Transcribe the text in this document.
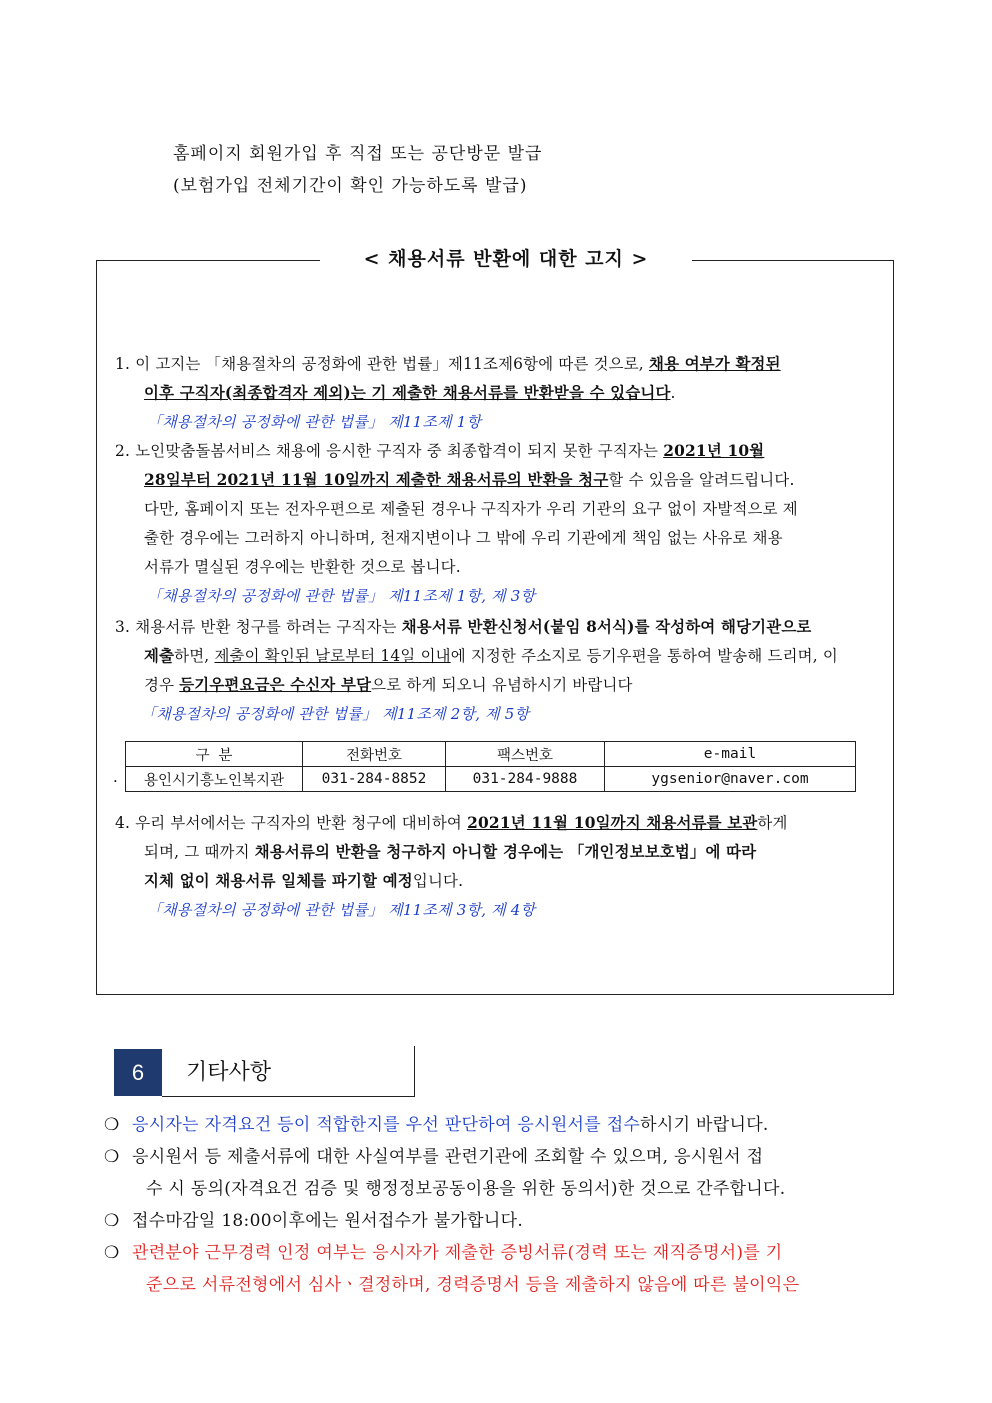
홈페이지 회원가입 후 직접 또는 공단방문 발급
(보험가입 전체기간이 확인 가능하도록 발급)
< 채용서류 반환에 대한 고지 >
1. 이 고지는 「채용절차의 공정화에 관한 법률」제11조제6항에 따른 것으로, 채용 여부가 확정된
이후 구직자(최종합격자 제외)는 기 제출한 채용서류를 반환받을 수 있습니다.
「채용절차의 공정화에 관한 법률」 제11조제 1항
2. 노인맞춤돌봄서비스 채용에 응시한 구직자 중 최종합격이 되지 못한 구직자는 2021년 10월
28일부터 2021년 11월 10일까지 제출한 채용서류의 반환을 청구할 수 있음을 알려드립니다.
다만, 홈페이지 또는 전자우편으로 제출된 경우나 구직자가 우리 기관의 요구 없이 자발적으로 제
출한 경우에는 그러하지 아니하며, 천재지변이나 그 밖에 우리 기관에게 책임 없는 사유로 채용
서류가 멸실된 경우에는 반환한 것으로 봅니다.
「채용절차의 공정화에 관한 법률」 제11조제 1항, 제 3항
3. 채용서류 반환 청구를 하려는 구직자는 채용서류 반환신청서(붙임 8서식)를 작성하여 해당기관으로
제출하면, 제출이 확인된 날로부터 14일 이내에 지정한 주소지로 등기우편을 통하여 발송해 드리며, 이
경우 등기우편요금은 수신자 부담으로 하게 되오니 유념하시기 바랍니다
「채용절차의 공정화에 관한 법률」 제11조제 2항, 제 5항
.
구 분	전화번호	팩스번호	e-mail
용인시기흥노인복지관	031-284-8852	031-284-9888	ygsenior@naver.com
4. 우리 부서에서는 구직자의 반환 청구에 대비하여 2021년 11월 10일까지 채용서류를 보관하게
되며, 그 때까지 채용서류의 반환을 청구하지 아니할 경우에는 「개인정보보호법」에 따라
지체 없이 채용서류 일체를 파기할 예정입니다.
「채용절차의 공정화에 관한 법률」 제11조제 3항, 제 4항
6	기타사항
❍ 응시자는 자격요건 등이 적합한지를 우선 판단하여 응시원서를 접수하시기 바랍니다.
❍ 응시원서 등 제출서류에 대한 사실여부를 관련기관에 조회할 수 있으며, 응시원서 접
수 시 동의(자격요건 검증 및 행정정보공동이용을 위한 동의서)한 것으로 간주합니다.
❍ 접수마감일 18:00이후에는 원서접수가 불가합니다.
❍ 관련분야 근무경력 인정 여부는 응시자가 제출한 증빙서류(경력 또는 재직증명서)를 기
준으로 서류전형에서 심사ㆍ결정하며, 경력증명서 등을 제출하지 않음에 따른 불이익은
